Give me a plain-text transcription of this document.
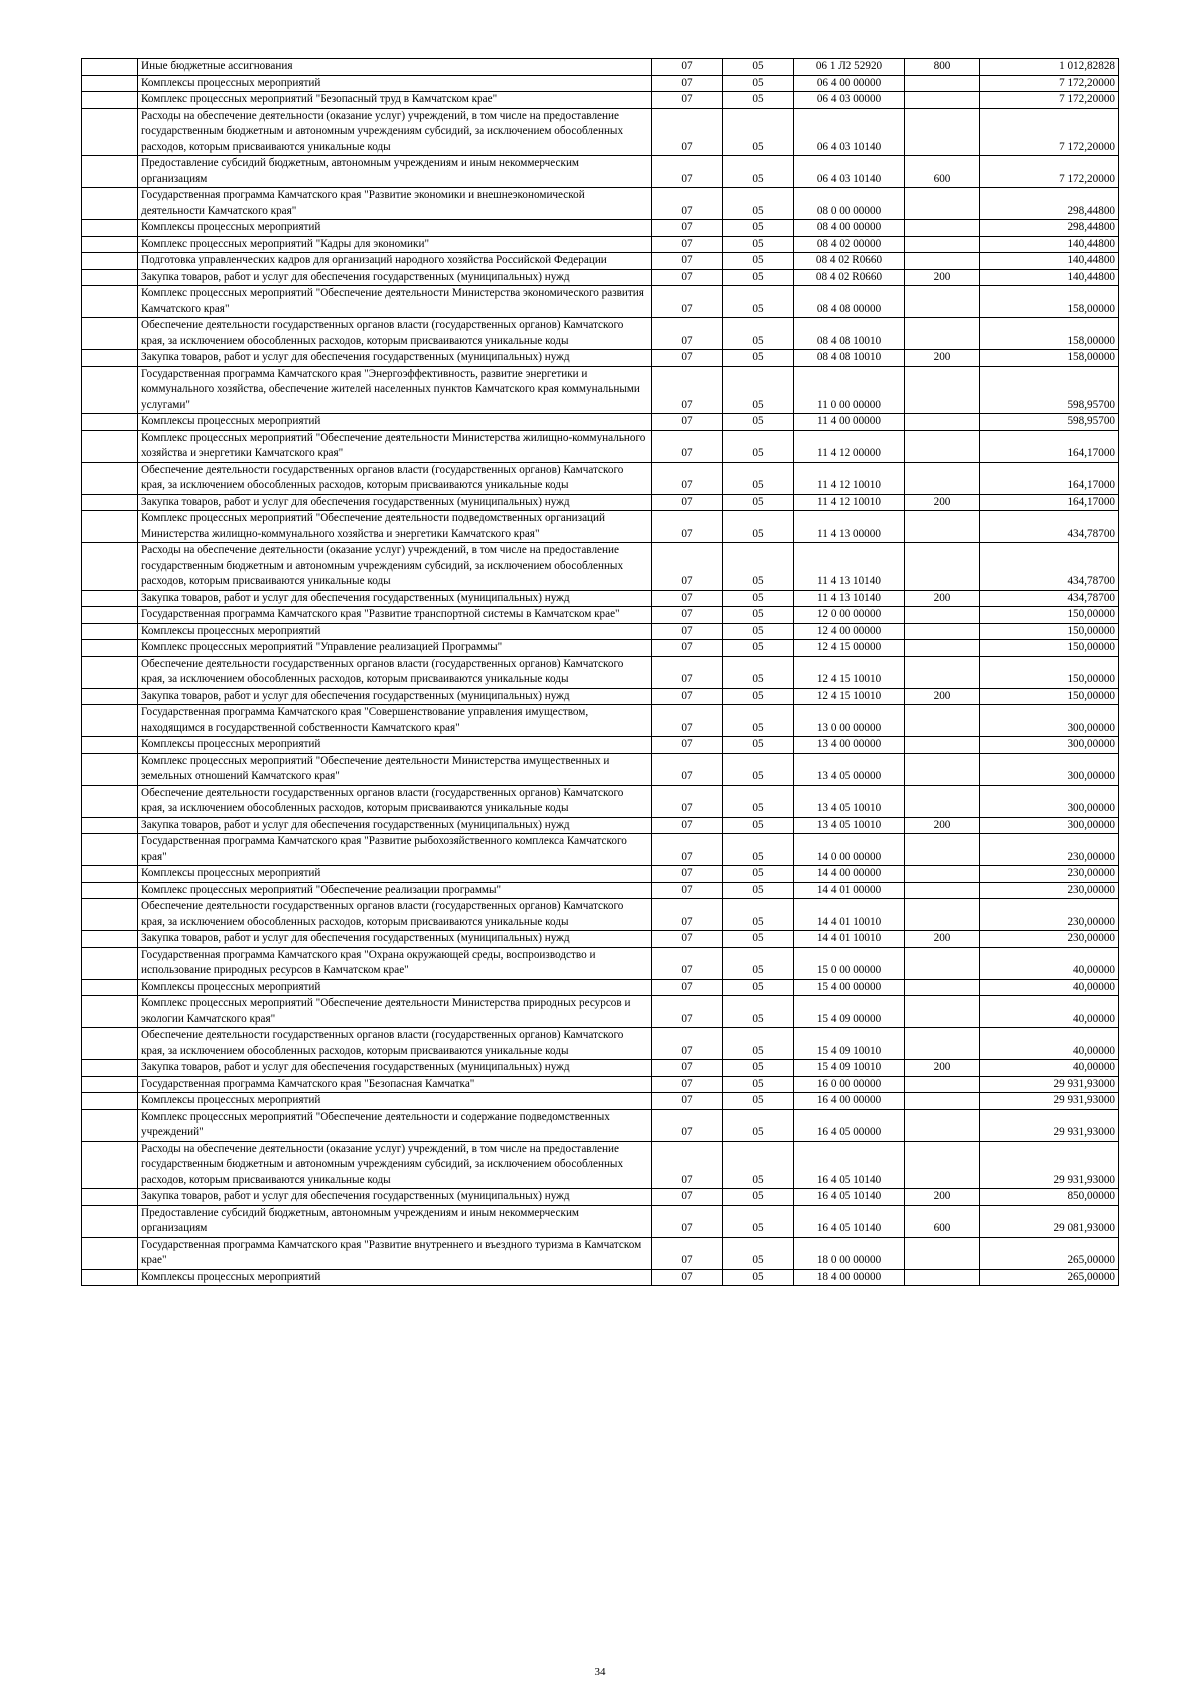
	Иные бюджетные ассигнования	07	05	06 1 Л2 52920	800	1 012,82828
	Комплексы процессных мероприятий	07	05	06 4 00 00000		7 172,20000
	Комплекс процессных мероприятий "Безопасный труд в Камчатском крае"	07	05	06 4 03 00000		7 172,20000
	Расходы на обеспечение деятельности (оказание услуг) учреждений, в том числе на предоставление государственным бюджетным и автономным учреждениям субсидий, за исключением обособленных расходов, которым присваиваются уникальные коды	07	05	06 4 03 10140		7 172,20000
	Предоставление субсидий бюджетным, автономным учреждениям и иным некоммерческим организациям	07	05	06 4 03 10140	600	7 172,20000
	Государственная программа Камчатского края "Развитие экономики и внешнеэкономической деятельности Камчатского края"	07	05	08 0 00 00000		298,44800
	Комплексы процессных мероприятий	07	05	08 4 00 00000		298,44800
	Комплекс процессных мероприятий "Кадры для экономики"	07	05	08 4 02 00000		140,44800
	Подготовка управленческих кадров для организаций народного хозяйства Российской Федерации	07	05	08 4 02 R0660		140,44800
	Закупка товаров, работ и услуг для обеспечения государственных (муниципальных) нужд	07	05	08 4 02 R0660	200	140,44800
	Комплекс процессных мероприятий "Обеспечение деятельности Министерства экономического развития Камчатского края"	07	05	08 4 08 00000		158,00000
	Обеспечение деятельности государственных органов власти (государственных органов) Камчатского края, за исключением обособленных расходов, которым присваиваются уникальные коды	07	05	08 4 08 10010		158,00000
	Закупка товаров, работ и услуг для обеспечения государственных (муниципальных) нужд	07	05	08 4 08 10010	200	158,00000
	Государственная программа Камчатского края "Энергоэффективность, развитие энергетики и коммунального хозяйства, обеспечение жителей населенных пунктов Камчатского края коммунальными услугами"	07	05	11 0 00 00000		598,95700
	Комплексы процессных мероприятий	07	05	11 4 00 00000		598,95700
	Комплекс процессных мероприятий "Обеспечение деятельности Министерства жилищно-коммунального хозяйства и энергетики Камчатского края"	07	05	11 4 12 00000		164,17000
	Обеспечение деятельности государственных органов власти (государственных органов) Камчатского края, за исключением обособленных расходов, которым присваиваются уникальные коды	07	05	11 4 12 10010		164,17000
	Закупка товаров, работ и услуг для обеспечения государственных (муниципальных) нужд	07	05	11 4 12 10010	200	164,17000
	Комплекс процессных мероприятий "Обеспечение деятельности подведомственных организаций Министерства жилищно-коммунального хозяйства и энергетики Камчатского края"	07	05	11 4 13 00000		434,78700
	Расходы на обеспечение деятельности (оказание услуг) учреждений, в том числе на предоставление государственным бюджетным и автономным учреждениям субсидий, за исключением обособленных расходов, которым присваиваются уникальные коды	07	05	11 4 13 10140		434,78700
	Закупка товаров, работ и услуг для обеспечения государственных (муниципальных) нужд	07	05	11 4 13 10140	200	434,78700
	Государственная программа Камчатского края "Развитие транспортной системы в Камчатском крае"	07	05	12 0 00 00000		150,00000
	Комплексы процессных мероприятий	07	05	12 4 00 00000		150,00000
	Комплекс процессных мероприятий "Управление реализацией Программы"	07	05	12 4 15 00000		150,00000
	Обеспечение деятельности государственных органов власти (государственных органов) Камчатского края, за исключением обособленных расходов, которым присваиваются уникальные коды	07	05	12 4 15 10010		150,00000
	Закупка товаров, работ и услуг для обеспечения государственных (муниципальных) нужд	07	05	12 4 15 10010	200	150,00000
	Государственная программа Камчатского края "Совершенствование управления имуществом, находящимся в государственной собственности Камчатского края"	07	05	13 0 00 00000		300,00000
	Комплексы процессных мероприятий	07	05	13 4 00 00000		300,00000
	Комплекс процессных мероприятий "Обеспечение деятельности Министерства имущественных и земельных отношений Камчатского края"	07	05	13 4 05 00000		300,00000
	Обеспечение деятельности государственных органов власти (государственных органов) Камчатского края, за исключением обособленных расходов, которым присваиваются уникальные коды	07	05	13 4 05 10010		300,00000
	Закупка товаров, работ и услуг для обеспечения государственных (муниципальных) нужд	07	05	13 4 05 10010	200	300,00000
	Государственная программа Камчатского края "Развитие рыбохозяйственного комплекса Камчатского края"	07	05	14 0 00 00000		230,00000
	Комплексы процессных мероприятий	07	05	14 4 00 00000		230,00000
	Комплекс процессных мероприятий "Обеспечение реализации программы"	07	05	14 4 01 00000		230,00000
	Обеспечение деятельности государственных органов власти (государственных органов) Камчатского края, за исключением обособленных расходов, которым присваиваются уникальные коды	07	05	14 4 01 10010		230,00000
	Закупка товаров, работ и услуг для обеспечения государственных (муниципальных) нужд	07	05	14 4 01 10010	200	230,00000
	Государственная программа Камчатского края "Охрана окружающей среды, воспроизводство и использование природных ресурсов в Камчатском крае"	07	05	15 0 00 00000		40,00000
	Комплексы процессных мероприятий	07	05	15 4 00 00000		40,00000
	Комплекс процессных мероприятий "Обеспечение деятельности Министерства природных ресурсов и экологии Камчатского края"	07	05	15 4 09 00000		40,00000
	Обеспечение деятельности государственных органов власти (государственных органов) Камчатского края, за исключением обособленных расходов, которым присваиваются уникальные коды	07	05	15 4 09 10010		40,00000
	Закупка товаров, работ и услуг для обеспечения государственных (муниципальных) нужд	07	05	15 4 09 10010	200	40,00000
	Государственная программа Камчатского края "Безопасная Камчатка"	07	05	16 0 00 00000		29 931,93000
	Комплексы процессных мероприятий	07	05	16 4 00 00000		29 931,93000
	Комплекс процессных мероприятий "Обеспечение деятельности и содержание подведомственных учреждений"	07	05	16 4 05 00000		29 931,93000
	Расходы на обеспечение деятельности (оказание услуг) учреждений, в том числе на предоставление государственным бюджетным и автономным учреждениям субсидий, за исключением обособленных расходов, которым присваиваются уникальные коды	07	05	16 4 05 10140		29 931,93000
	Закупка товаров, работ и услуг для обеспечения государственных (муниципальных) нужд	07	05	16 4 05 10140	200	850,00000
	Предоставление субсидий бюджетным, автономным учреждениям и иным некоммерческим организациям	07	05	16 4 05 10140	600	29 081,93000
	Государственная программа Камчатского края "Развитие внутреннего и въездного туризма в Камчатском крае"	07	05	18 0 00 00000		265,00000
	Комплексы процессных мероприятий	07	05	18 4 00 00000		265,00000
34
